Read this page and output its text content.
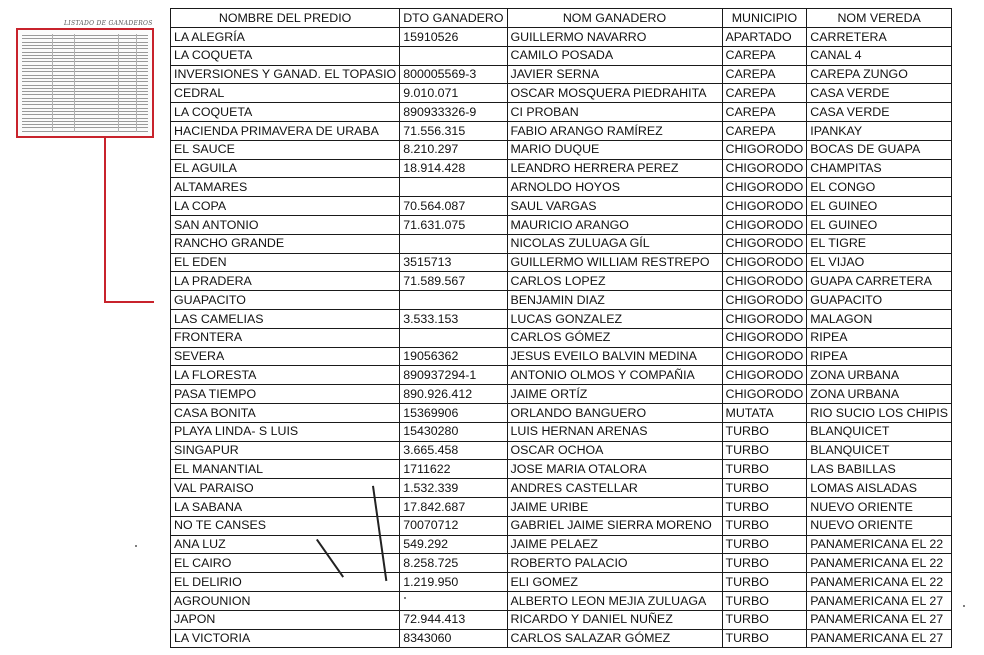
LISTADO DE GANADEROS	NOMBRE DEL PREDIO	DTO GANADERO	NOM GANADERO	MUNICIPIO	NOM VEREDA
LA ALEGRÍA	15910526	GUILLERMO NAVARRO	APARTADO	CARRETERA
LA COQUETA		CAMILO POSADA	CAREPA	CANAL 4
INVERSIONES Y GANAD. EL TOPASIO	800005569-3	JAVIER SERNA	CAREPA	CAREPA ZUNGO
CEDRAL	9.010.071	OSCAR MOSQUERA PIEDRAHITA	CAREPA	CASA VERDE
LA COQUETA	890933326-9	CI PROBAN	CAREPA	CASA VERDE
HACIENDA PRIMAVERA DE URABA	71.556.315	FABIO ARANGO RAMÍREZ	CAREPA	IPANKAY
EL SAUCE	8.210.297	MARIO DUQUE	CHIGORODO	BOCAS DE GUAPA
EL AGUILA	18.914.428	LEANDRO HERRERA PEREZ	CHIGORODO	CHAMPITAS
ALTAMARES		ARNOLDO HOYOS	CHIGORODO	EL CONGO
LA COPA	70.564.087	SAUL VARGAS	CHIGORODO	EL GUINEO
SAN ANTONIO	71.631.075	MAURICIO ARANGO	CHIGORODO	EL GUINEO
RANCHO GRANDE		NICOLAS ZULUAGA GÍL	CHIGORODO	EL TIGRE
EL EDEN	3515713	GUILLERMO WILLIAM RESTREPO	CHIGORODO	EL VIJAO
LA PRADERA	71.589.567	CARLOS LOPEZ	CHIGORODO	GUAPA CARRETERA
GUAPACITO		BENJAMIN DIAZ	CHIGORODO	GUAPACITO
LAS CAMELIAS	3.533.153	LUCAS GONZALEZ	CHIGORODO	MALAGON
FRONTERA		CARLOS GÓMEZ	CHIGORODO	RIPEA
SEVERA	19056362	JESUS EVEILO BALVIN MEDINA	CHIGORODO	RIPEA
LA FLORESTA	890937294-1	ANTONIO OLMOS Y COMPAÑIA	CHIGORODO	ZONA URBANA
PASA TIEMPO	890.926.412	JAIME ORTÍZ	CHIGORODO	ZONA URBANA
CASA BONITA	15369906	ORLANDO BANGUERO	MUTATA	RIO SUCIO LOS CHIPIS
PLAYA LINDA- S LUIS	15430280	LUIS HERNAN ARENAS	TURBO	BLANQUICET
SINGAPUR	3.665.458	OSCAR OCHOA	TURBO	BLANQUICET
EL MANANTIAL	1711622	JOSE MARIA OTALORA	TURBO	LAS BABILLAS
VAL PARAISO	1.532.339	ANDRES CASTELLAR	TURBO	LOMAS AISLADAS
LA SABANA	17.842.687	JAIME URIBE	TURBO	NUEVO ORIENTE
NO TE CANSES	70070712	GABRIEL JAIME SIERRA MORENO	TURBO	NUEVO ORIENTE
ANA LUZ	549.292	JAIME PELAEZ	TURBO	PANAMERICANA EL 22
EL CAIRO	8.258.725	ROBERTO PALACIO	TURBO	PANAMERICANA EL 22
EL DELIRIO	1.219.950	ELI GOMEZ	TURBO	PANAMERICANA EL 22
AGROUNION		ALBERTO LEON MEJIA ZULUAGA	TURBO	PANAMERICANA EL 27
JAPON	72.944.413	RICARDO Y DANIEL NUÑEZ	TURBO	PANAMERICANA EL 27
LA VICTORIA	8343060	CARLOS SALAZAR GÓMEZ	TURBO	PANAMERICANA EL 27
